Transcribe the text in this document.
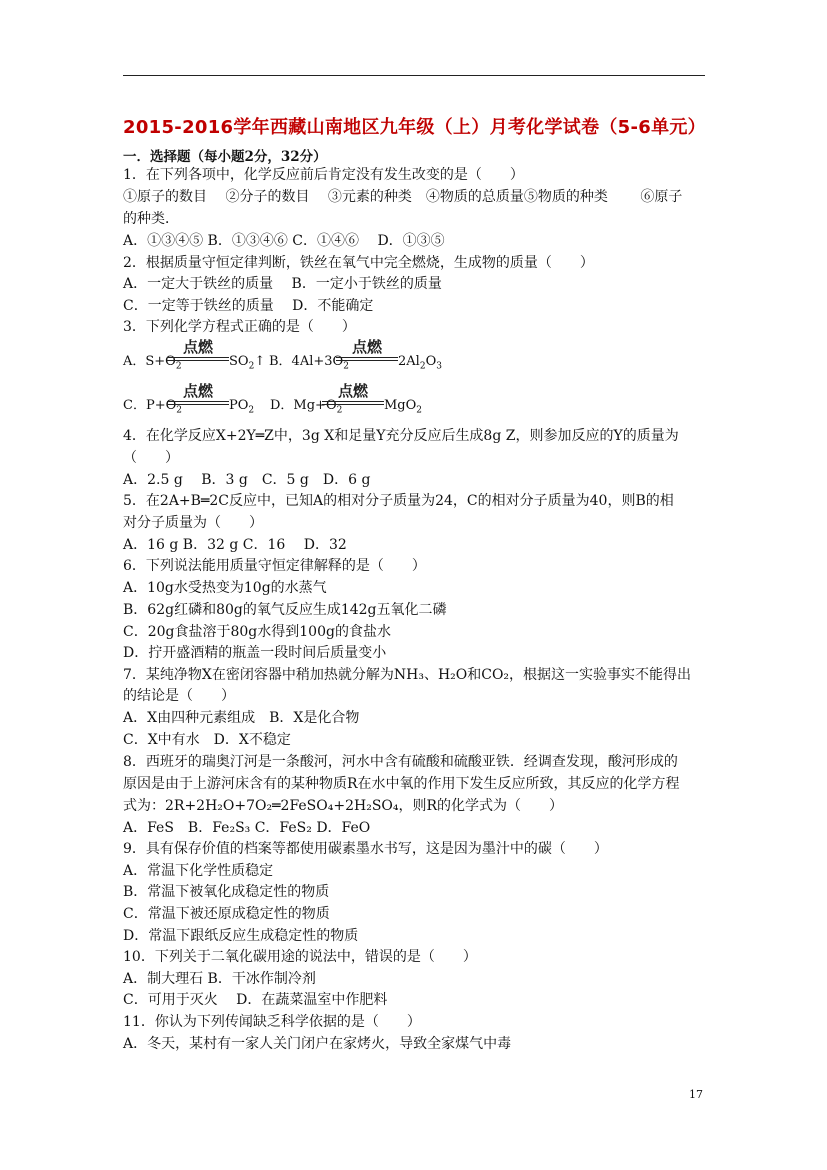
2015-2016学年西藏山南地区九年级（上）月考化学试卷（5-6单元）
一．选择题（每小题2分，32分）
1．在下列各项中，化学反应前后肯定没有发生改变的是（　　）
①原子的数目　 ②分子的数目　 ③元素的种类　④物质的总质量⑤物质的种类　 　⑥原子
的种类．
A．①③④⑤ B．①③④⑥ C．①④⑥　 D．①③⑤
2．根据质量守恒定律判断，铁丝在氧气中完全燃烧，生成物的质量（　　）
A．一定大于铁丝的质量　 B．一定小于铁丝的质量
C．一定等于铁丝的质量　 D．不能确定
3．下列化学方程式正确的是（　　）
A．$S+O_2$
点燃
$SO_2↑$ B．$4Al+3O_2$
点燃
$2Al_2O_3$
C．$P+O_2$
点燃
$PO_2$ D．$Mg+O_2$
点燃
MgO$_2$
4．在化学反应X+2Y═Z中，3g X和足量Y充分反应后生成8g Z，则参加反应的Y的质量为
（　　）
A．2.5 g　 B．3 g　C．5 g　D．6 g
5．在2A+B═2C反应中，已知A的相对分子质量为24，C的相对分子质量为40，则B的相
对分子质量为（　　）
A．16 g B．32 g C．16　 D．32
6．下列说法能用质量守恒定律解释的是（　　）
A．10g水受热变为10g的水蒸气
B．62g红磷和80g的氧气反应生成142g五氧化二磷
C．20g食盐溶于80g水得到100g的食盐水
D．拧开盛酒精的瓶盖一段时间后质量变小
7．某纯净物X在密闭容器中稍加热就分解为NH₃、H₂O和CO₂，根据这一实验事实不能得出
的结论是（　　）
A．X由四种元素组成　B．X是化合物
C．X中有水　D．X不稳定
8．西班牙的瑞奥汀河是一条酸河，河水中含有硫酸和硫酸亚铁．经调查发现，酸河形成的
原因是由于上游河床含有的某种物质R在水中氧的作用下发生反应所致，其反应的化学方程
式为：2R+2H₂O+7O₂═2FeSO₄+2H₂SO₄，则R的化学式为（　　）
A．FeS　B．Fe₂S₃ C．FeS₂ D．FeO
9．具有保存价值的档案等都使用碳素墨水书写，这是因为墨汁中的碳（　　）
A．常温下化学性质稳定
B．常温下被氧化成稳定性的物质
C．常温下被还原成稳定性的物质
D．常温下跟纸反应生成稳定性的物质
10．下列关于二氧化碳用途的说法中，错误的是（　　）
A．制大理石 B．干冰作制冷剂
C．可用于灭火　 D．在蔬菜温室中作肥料
11．你认为下列传闻缺乏科学依据的是（　　）
A．冬天，某村有一家人关门闭户在家烤火，导致全家煤气中毒
17
